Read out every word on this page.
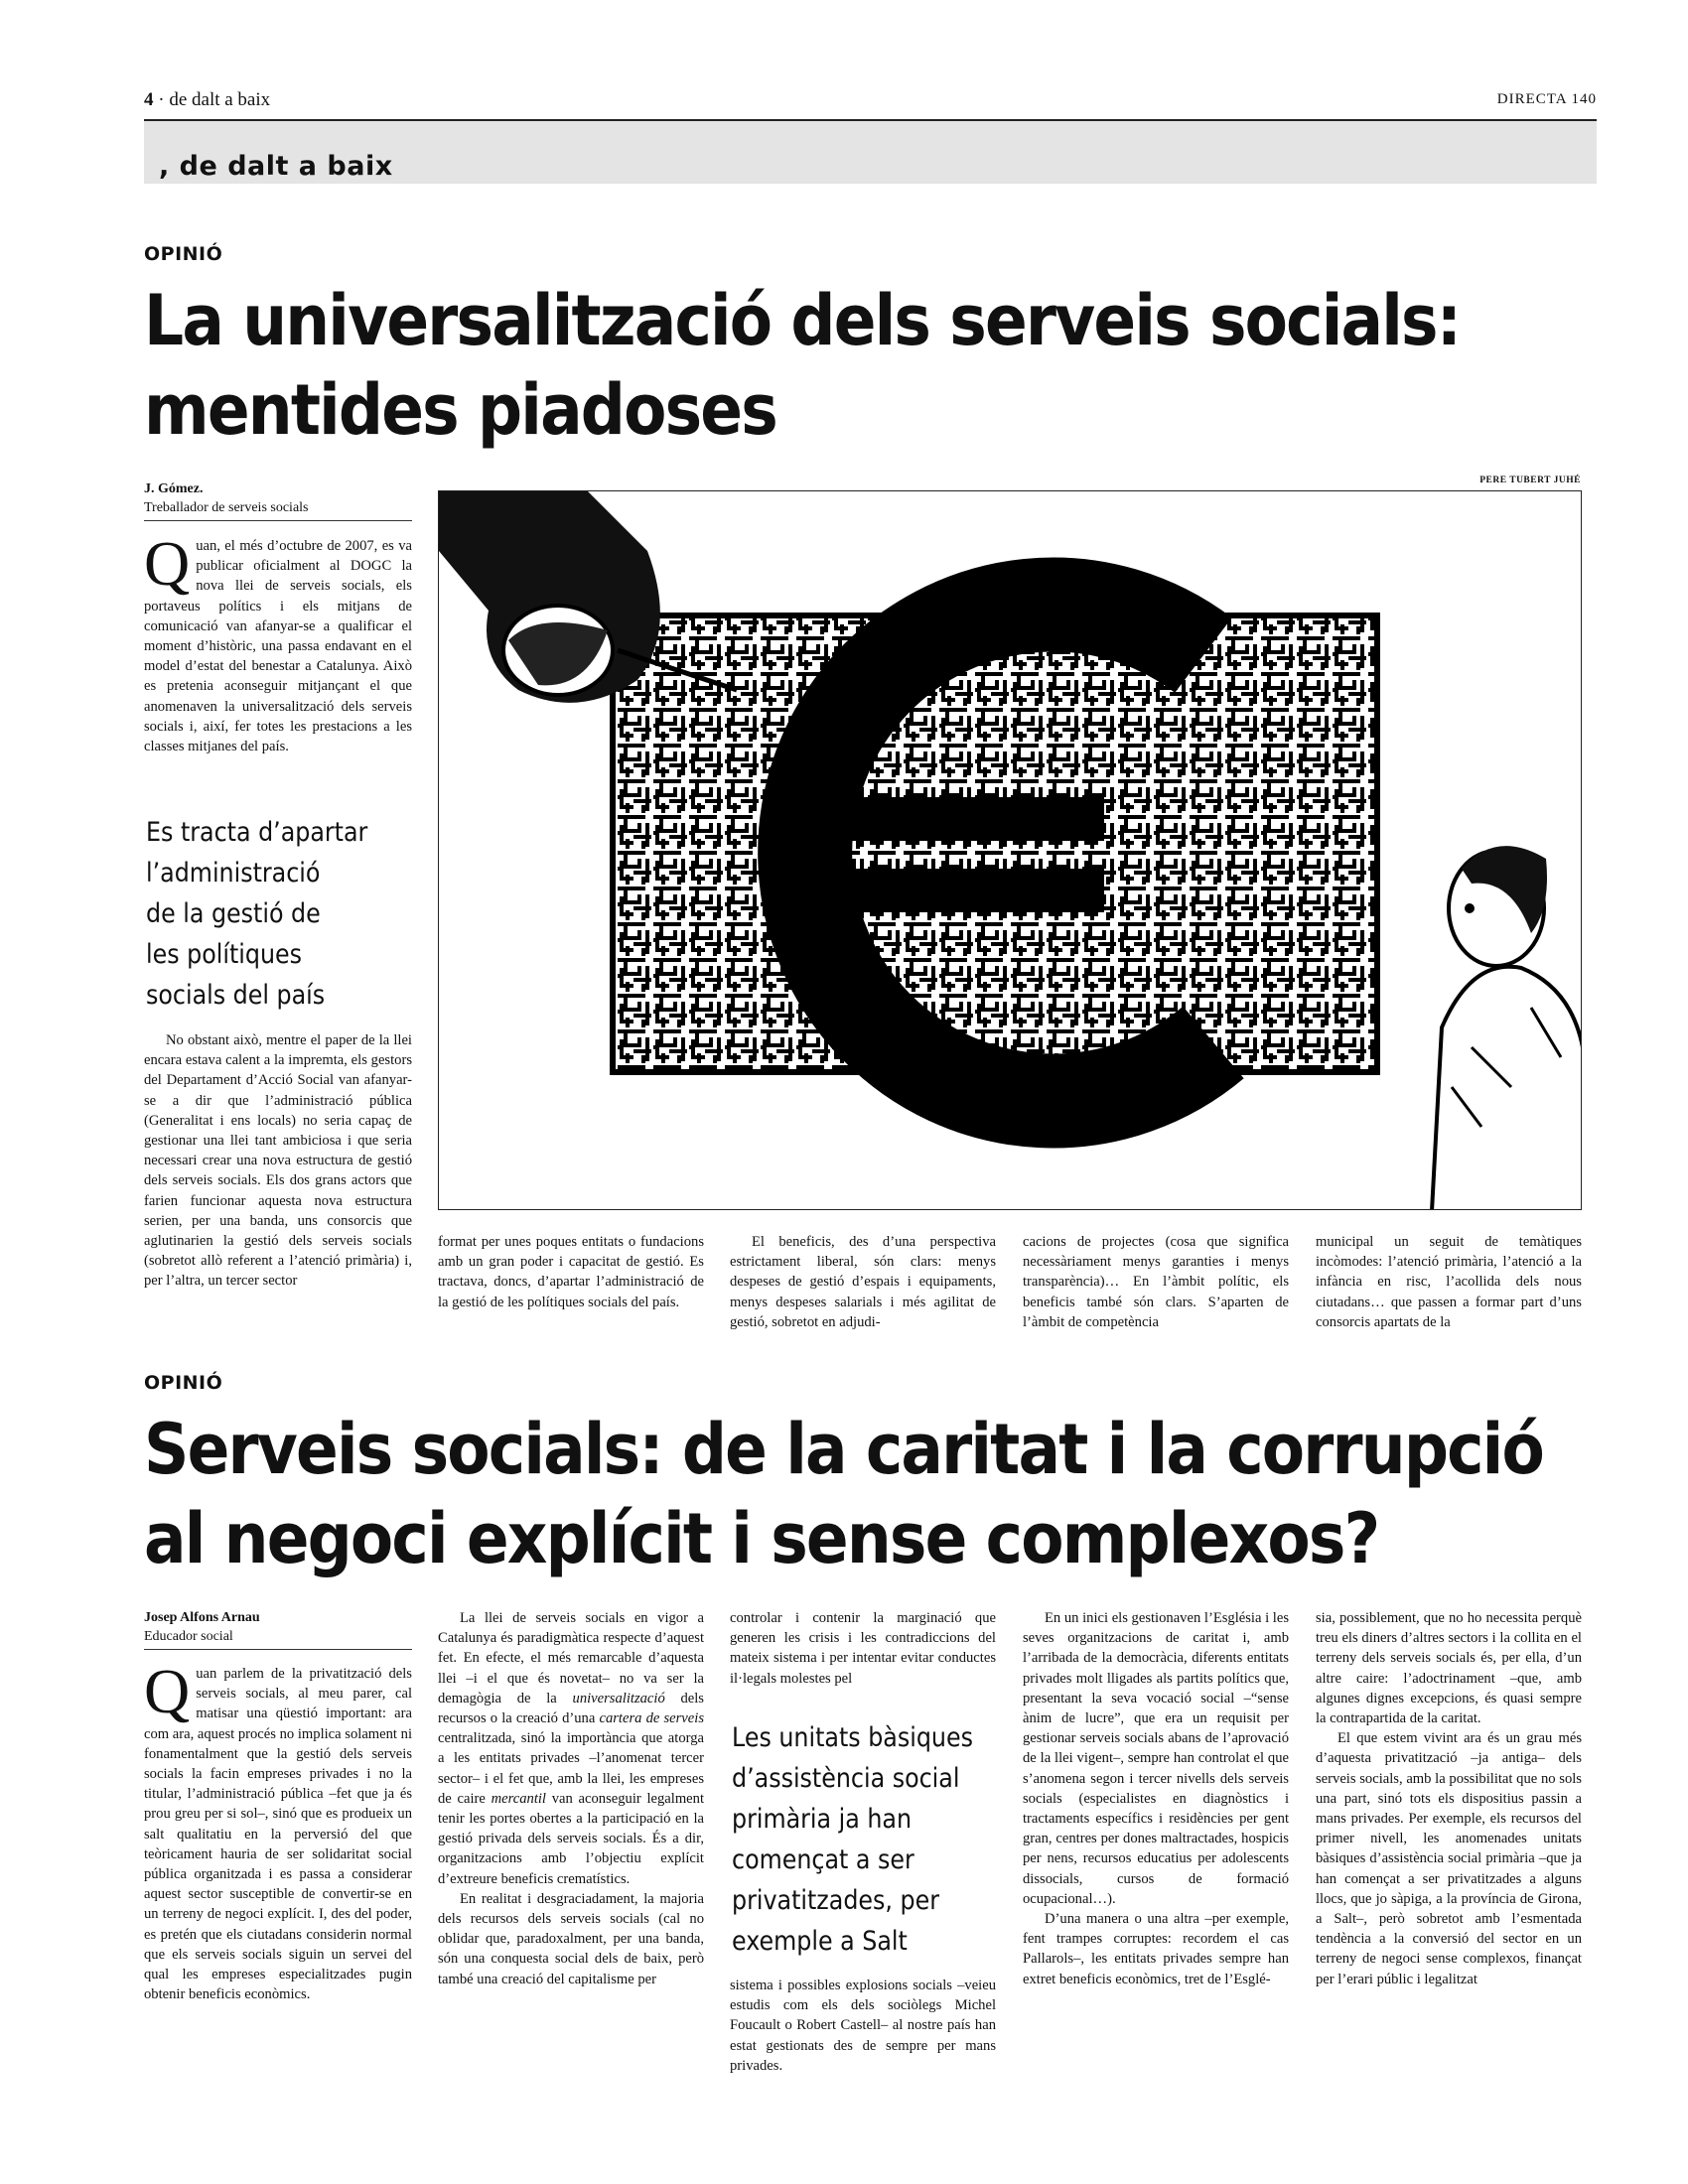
4 · de dalt a baix	DIRECTA 140
, de dalt a baix
OPINIÓ
La universalització dels serveis socials:
mentides piadoses
J. Gómez.
Treballador de serveis socials

Quan, el més d’octubre de 2007, es va publicar oficialment al DOGC la nova llei de serveis socials, els portaveus polítics i els mitjans de comunicació van afanyar-se a qualificar el moment d’històric, una passa endavant en el model d’estat del benestar a Catalunya. Això es pretenia aconseguir mitjançant el que anomenaven la universalització dels serveis socials i, així, fer totes les prestacions a les classes mitjanes del país.

Es tracta d’apartar
l’administració
de la gestió de
les polítiques
socials del país

No obstant això, mentre el paper de la llei encara estava calent a la impremta, els gestors del Departament d’Acció Social van afanyar-se a dir que l’administració pública (Generalitat i ens locals) no seria capaç de gestionar una llei tant ambiciosa i que seria necessari crear una nova estructura de gestió dels serveis socials. Els dos grans actors que farien funcionar aquesta nova estructura serien, per una banda, uns consorcis que aglutinarien la gestió dels serveis socials (sobretot allò referent a l’atenció primària) i, per l’altra, un tercer sector

PERE TUBERT JUHÉ

format per unes poques entitats o fundacions amb un gran poder i capacitat de gestió. Es tractava, doncs, d’apartar l’administració de la gestió de les polítiques socials del país.

El beneficis, des d’una perspectiva estrictament liberal, són clars: menys despeses de gestió d’espais i equipaments, menys despeses salarials i més agilitat de gestió, sobretot en adjudi-

cacions de projectes (cosa que significa necessàriament menys garanties i menys transparència)… En l’àmbit polític, els beneficis també són clars. S’aparten de l’àmbit de competència

municipal un seguit de temàtiques incòmodes: l’atenció primària, l’atenció a la infància en risc, l’acollida dels nous ciutadans… que passen a formar part d’uns consorcis apartats de la

OPINIÓ
Serveis socials: de la caritat i la corrupció
al negoci explícit i sense complexos?
Josep Alfons Arnau
Educador social

Quan parlem de la privatització dels serveis socials, al meu parer, cal matisar una qüestió important: ara com ara, aquest procés no implica solament ni fonamentalment que la gestió dels serveis socials la facin empreses privades i no la titular, l’administració pública –fet que ja és prou greu per si sol–, sinó que es produeix un salt qualitatiu en la perversió del que teòricament hauria de ser solidaritat social pública organitzada i es passa a considerar aquest sector susceptible de convertir-se en un terreny de negoci explícit. I, des del poder, es pretén que els ciutadans considerin normal que els serveis socials siguin un servei del qual les empreses especialitzades pugin obtenir beneficis econòmics.

La llei de serveis socials en vigor a Catalunya és paradigmàtica respecte d’aquest fet. En efecte, el més remarcable d’aquesta llei –i el que és novetat– no va ser la demagògia de la universalització dels recursos o la creació d’una cartera de serveis centralitzada, sinó la importància que atorga a les entitats privades –l’anomenat tercer sector– i el fet que, amb la llei, les empreses de caire mercantil van aconseguir legalment tenir les portes obertes a la participació en la gestió privada dels serveis socials. És a dir, organitzacions amb l’objectiu explícit d’extreure beneficis crematístics.

En realitat i desgraciadament, la majoria dels recursos dels serveis socials (cal no oblidar que, paradoxalment, per una banda, són una conquesta social dels de baix, però també una creació del capitalisme per

controlar i contenir la marginació que generen les crisis i les contradiccions del mateix sistema i per intentar evitar conductes il·legals molestes pel

Les unitats bàsiques
d’assistència social
primària ja han
començat a ser
privatitzades, per
exemple a Salt

sistema i possibles explosions socials –veieu estudis com els dels sociòlegs Michel Foucault o Robert Castell– al nostre país han estat gestionats des de sempre per mans privades.

En un inici els gestionaven l’Església i les seves organitzacions de caritat i, amb l’arribada de la democràcia, diferents entitats privades molt lligades als partits polítics que, presentant la seva vocació social –“sense ànim de lucre”, que era un requisit per gestionar serveis socials abans de l’aprovació de la llei vigent–, sempre han controlat el que s’anomena segon i tercer nivells dels serveis socials (especialistes en diagnòstics i tractaments específics i residències per gent gran, centres per dones maltractades, hospicis per nens, recursos educatius per adolescents dissocials, cursos de formació ocupacional…).

D’una manera o una altra –per exemple, fent trampes corruptes: recordem el cas Pallarols–, les entitats privades sempre han extret beneficis econòmics, tret de l’Esglé-

sia, possiblement, que no ho necessita perquè treu els diners d’altres sectors i la collita en el terreny dels serveis socials és, per ella, d’un altre caire: l’adoctrinament –que, amb algunes dignes excepcions, és quasi sempre la contrapartida de la caritat.

El que estem vivint ara és un grau més d’aquesta privatització –ja antiga– dels serveis socials, amb la possibilitat que no sols una part, sinó tots els dispositius passin a mans privades. Per exemple, els recursos del primer nivell, les anomenades unitats bàsiques d’assistència social primària –que ja han començat a ser privatitzades a alguns llocs, que jo sàpiga, a la província de Girona, a Salt–, però sobretot amb l’esmentada tendència a la conversió del sector en un terreny de negoci sense complexos, finançat per l’erari públic i legalitzat
